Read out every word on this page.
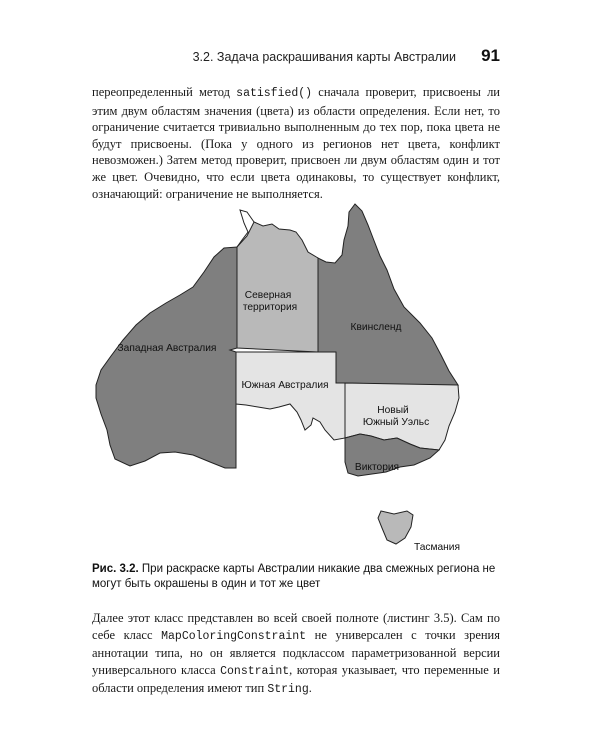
3.2. Задача раскрашивания карты Австралии 91

переопределенный метод satisfied() сначала проверит, присвоены ли этим двум областям значения (цвета) из области определения. Если нет, то ограничение считается тривиально выполненным до тех пор, пока цвета не будут присвоены. (Пока у одного из регионов нет цвета, конфликт невозможен.) Затем метод проверит, присвоен ли двум областям один и тот же цвет. Очевидно, что если цвета одинаковы, то существует конфликт, означающий: ограничение не выполняется.

Северная
территория
Квинсленд
Западная Австралия
Южная Австралия
Новый
Южный Уэльс
Виктория
Тасмания
Рис. 3.2. При раскраске карты Австралии никакие два смежных региона не могут быть окрашены в один и тот же цвет

Далее этот класс представлен во всей своей полноте (листинг 3.5). Сам по себе класс MapColoringConstraint не универсален с точки зрения аннотации типа, но он является подклассом параметризованной версии универсального класса Constraint, которая указывает, что переменные и области определения имеют тип String.
